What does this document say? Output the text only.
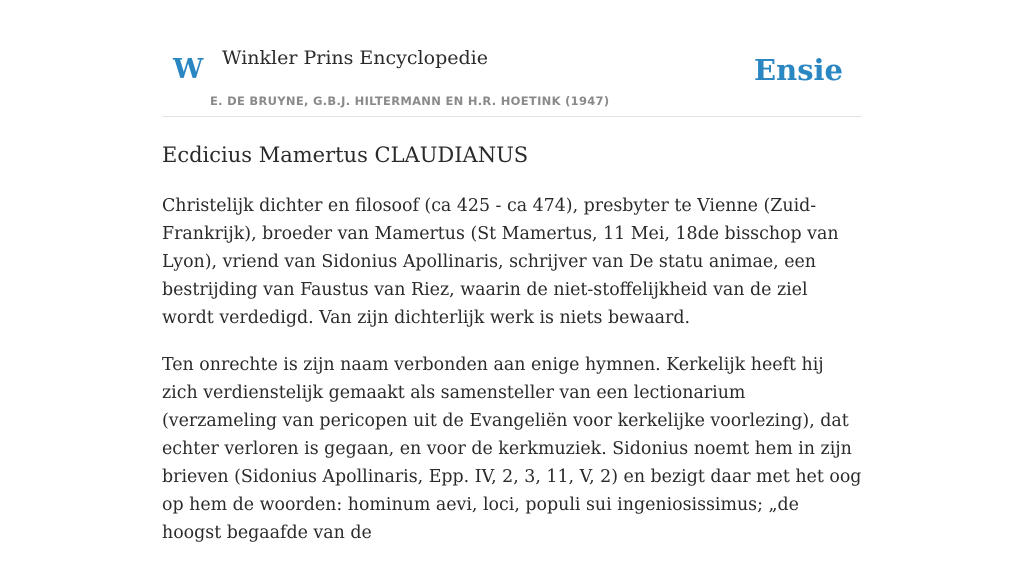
W Winkler Prins Encyclopedie
E. DE BRUYNE, G.B.J. HILTERMANN EN H.R. HOETINK (1947)
Ensie
Ecdicius Mamertus CLAUDIANUS

Christelijk dichter en filosoof (ca 425 - ca 474), presbyter te Vienne (Zuid-Frankrijk), broeder van Mamertus (St Mamertus, 11 Mei, 18de bisschop van Lyon), vriend van Sidonius Apollinaris, schrijver van De statu animae, een bestrijding van Faustus van Riez, waarin de niet-stoffelijkheid van de ziel wordt verdedigd. Van zijn dichterlijk werk is niets bewaard.

Ten onrechte is zijn naam verbonden aan enige hymnen. Kerkelijk heeft hij zich verdienstelijk gemaakt als samensteller van een lectionarium (verzameling van pericopen uit de Evangeliën voor kerkelijke voorlezing), dat echter verloren is gegaan, en voor de kerkmuziek. Sidonius noemt hem in zijn brieven (Sidonius Apollinaris, Epp. IV, 2, 3, 11, V, 2) en bezigt daar met het oog op hem de woorden: hominum aevi, loci, populi sui ingeniosissimus; „de hoogst begaafde van de
